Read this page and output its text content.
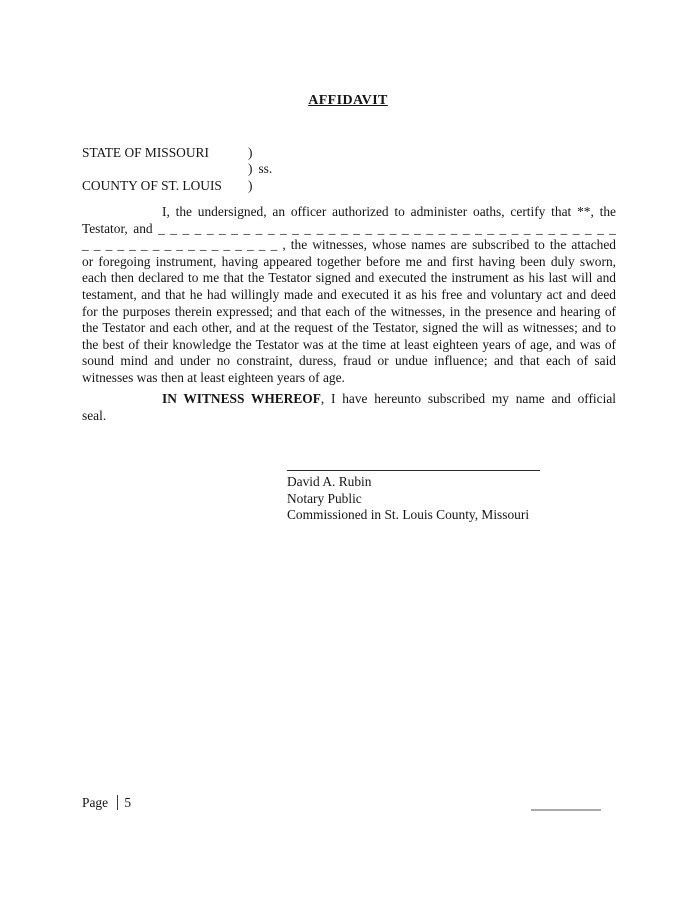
AFFIDAVIT
STATE OF MISSOURI	)
) ss.
COUNTY OF ST. LOUIS )
I, the undersigned, an officer authorized to administer oaths, certify that **, the
Testator, and _ _ _ _ _ _ _ _ _ _ _ _ _ _ _ _ _ _ _ _ _ _ _ _ _ _ _ _ _ _ _ _ _ _ _ _ _ _
_ _ _ _ _ _ _ _ _ _ _ _ _ _ _ _ _ , the witnesses, whose names are subscribed to the attached
or foregoing instrument, having appeared together before me and first having been duly sworn,
each then declared to me that the Testator signed and executed the instrument as his last will and
testament, and that he had willingly made and executed it as his free and voluntary act and deed
for the purposes therein expressed; and that each of the witnesses, in the presence and hearing of
the Testator and each other, and at the request of the Testator, signed the will as witnesses; and to
the best of their knowledge the Testator was at the time at least eighteen years of age, and was of
sound mind and under no constraint, duress, fraud or undue influence; and that each of said
witnesses was then at least eighteen years of age.
IN WITNESS WHEREOF, I have hereunto subscribed my name and official
seal.
David A. Rubin
Notary Public
Commissioned in St. Louis County, Missouri
Page 5
